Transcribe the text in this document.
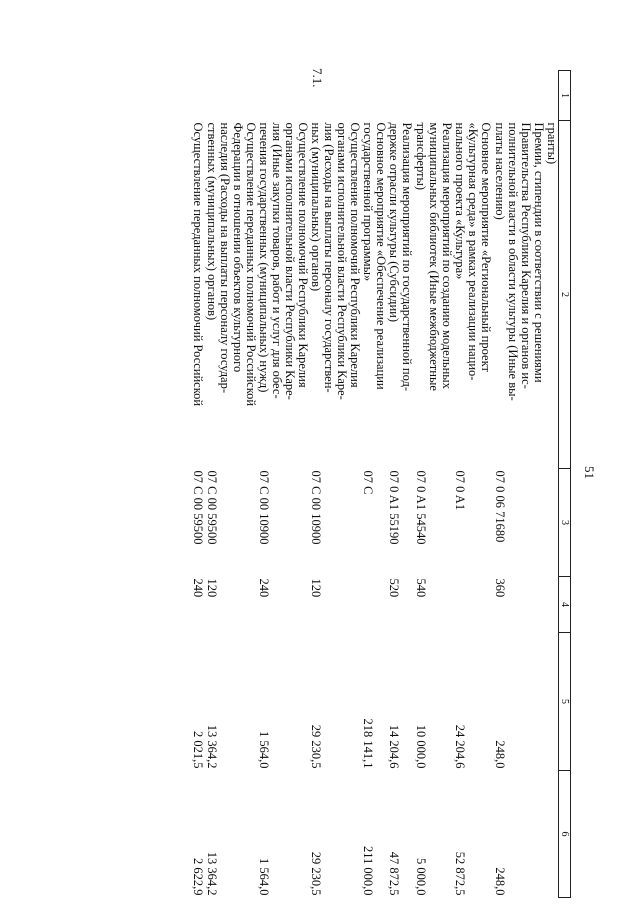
51
7.1.
1	2	3	4	5	6

	гранты)				

	Премии, стипендии в соответствии с решениями
Правительства Республики Карелия и органов ис-
полнительной власти в области культуры (Иные вы-
платы населению)	07 0 06 71680	360	248,0	248,0

	Основное мероприятие «Региональный проект
«Культурная среда» в рамках реализации нацио-
нального проекта «Культура»	07 0 A1		24 204,6	52 872,5

	Реализация мероприятий по созданию модельных
муниципальных библиотек (Иные межбюджетные
трансферты)	07 0 A1 54540	540	10 000,0	5 000,0

	Реализация мероприятий по государственной под-
держке отрасли культуры (Субсидии)	07 0 A1 55190	520	14 204,6	47 872,5

	Основное мероприятие «Обеспечение реализации
государственной программы»	07 С		218 141,1	211 000,0

	Осуществление полномочий Республики Карелия
органами исполнительной власти Республики Каре-
лия (Расходы на выплаты персоналу государствен-
ных (муниципальных) органов)	07 С 00 10900	120	29 230,5	29 230,5

	Осуществление полномочий Республики Карелия
органами исполнительной власти Республики Каре-
лия (Иные закупки товаров, работ и услуг для обес-
печения государственных (муниципальных) нужд)	07 С 00 10900	240	1 564,0	1 564,0

	Осуществление переданных полномочий Российской
Федерации в отношении объектов культурного
наследия (Расходы на выплаты персоналу государ-
ственных (муниципальных) органов)	07 С 00 59500	120	13 364,2	13 364,2

	Осуществление переданных полномочий Российской	07 С 00 59500	240	2 021,5	2 622,9
